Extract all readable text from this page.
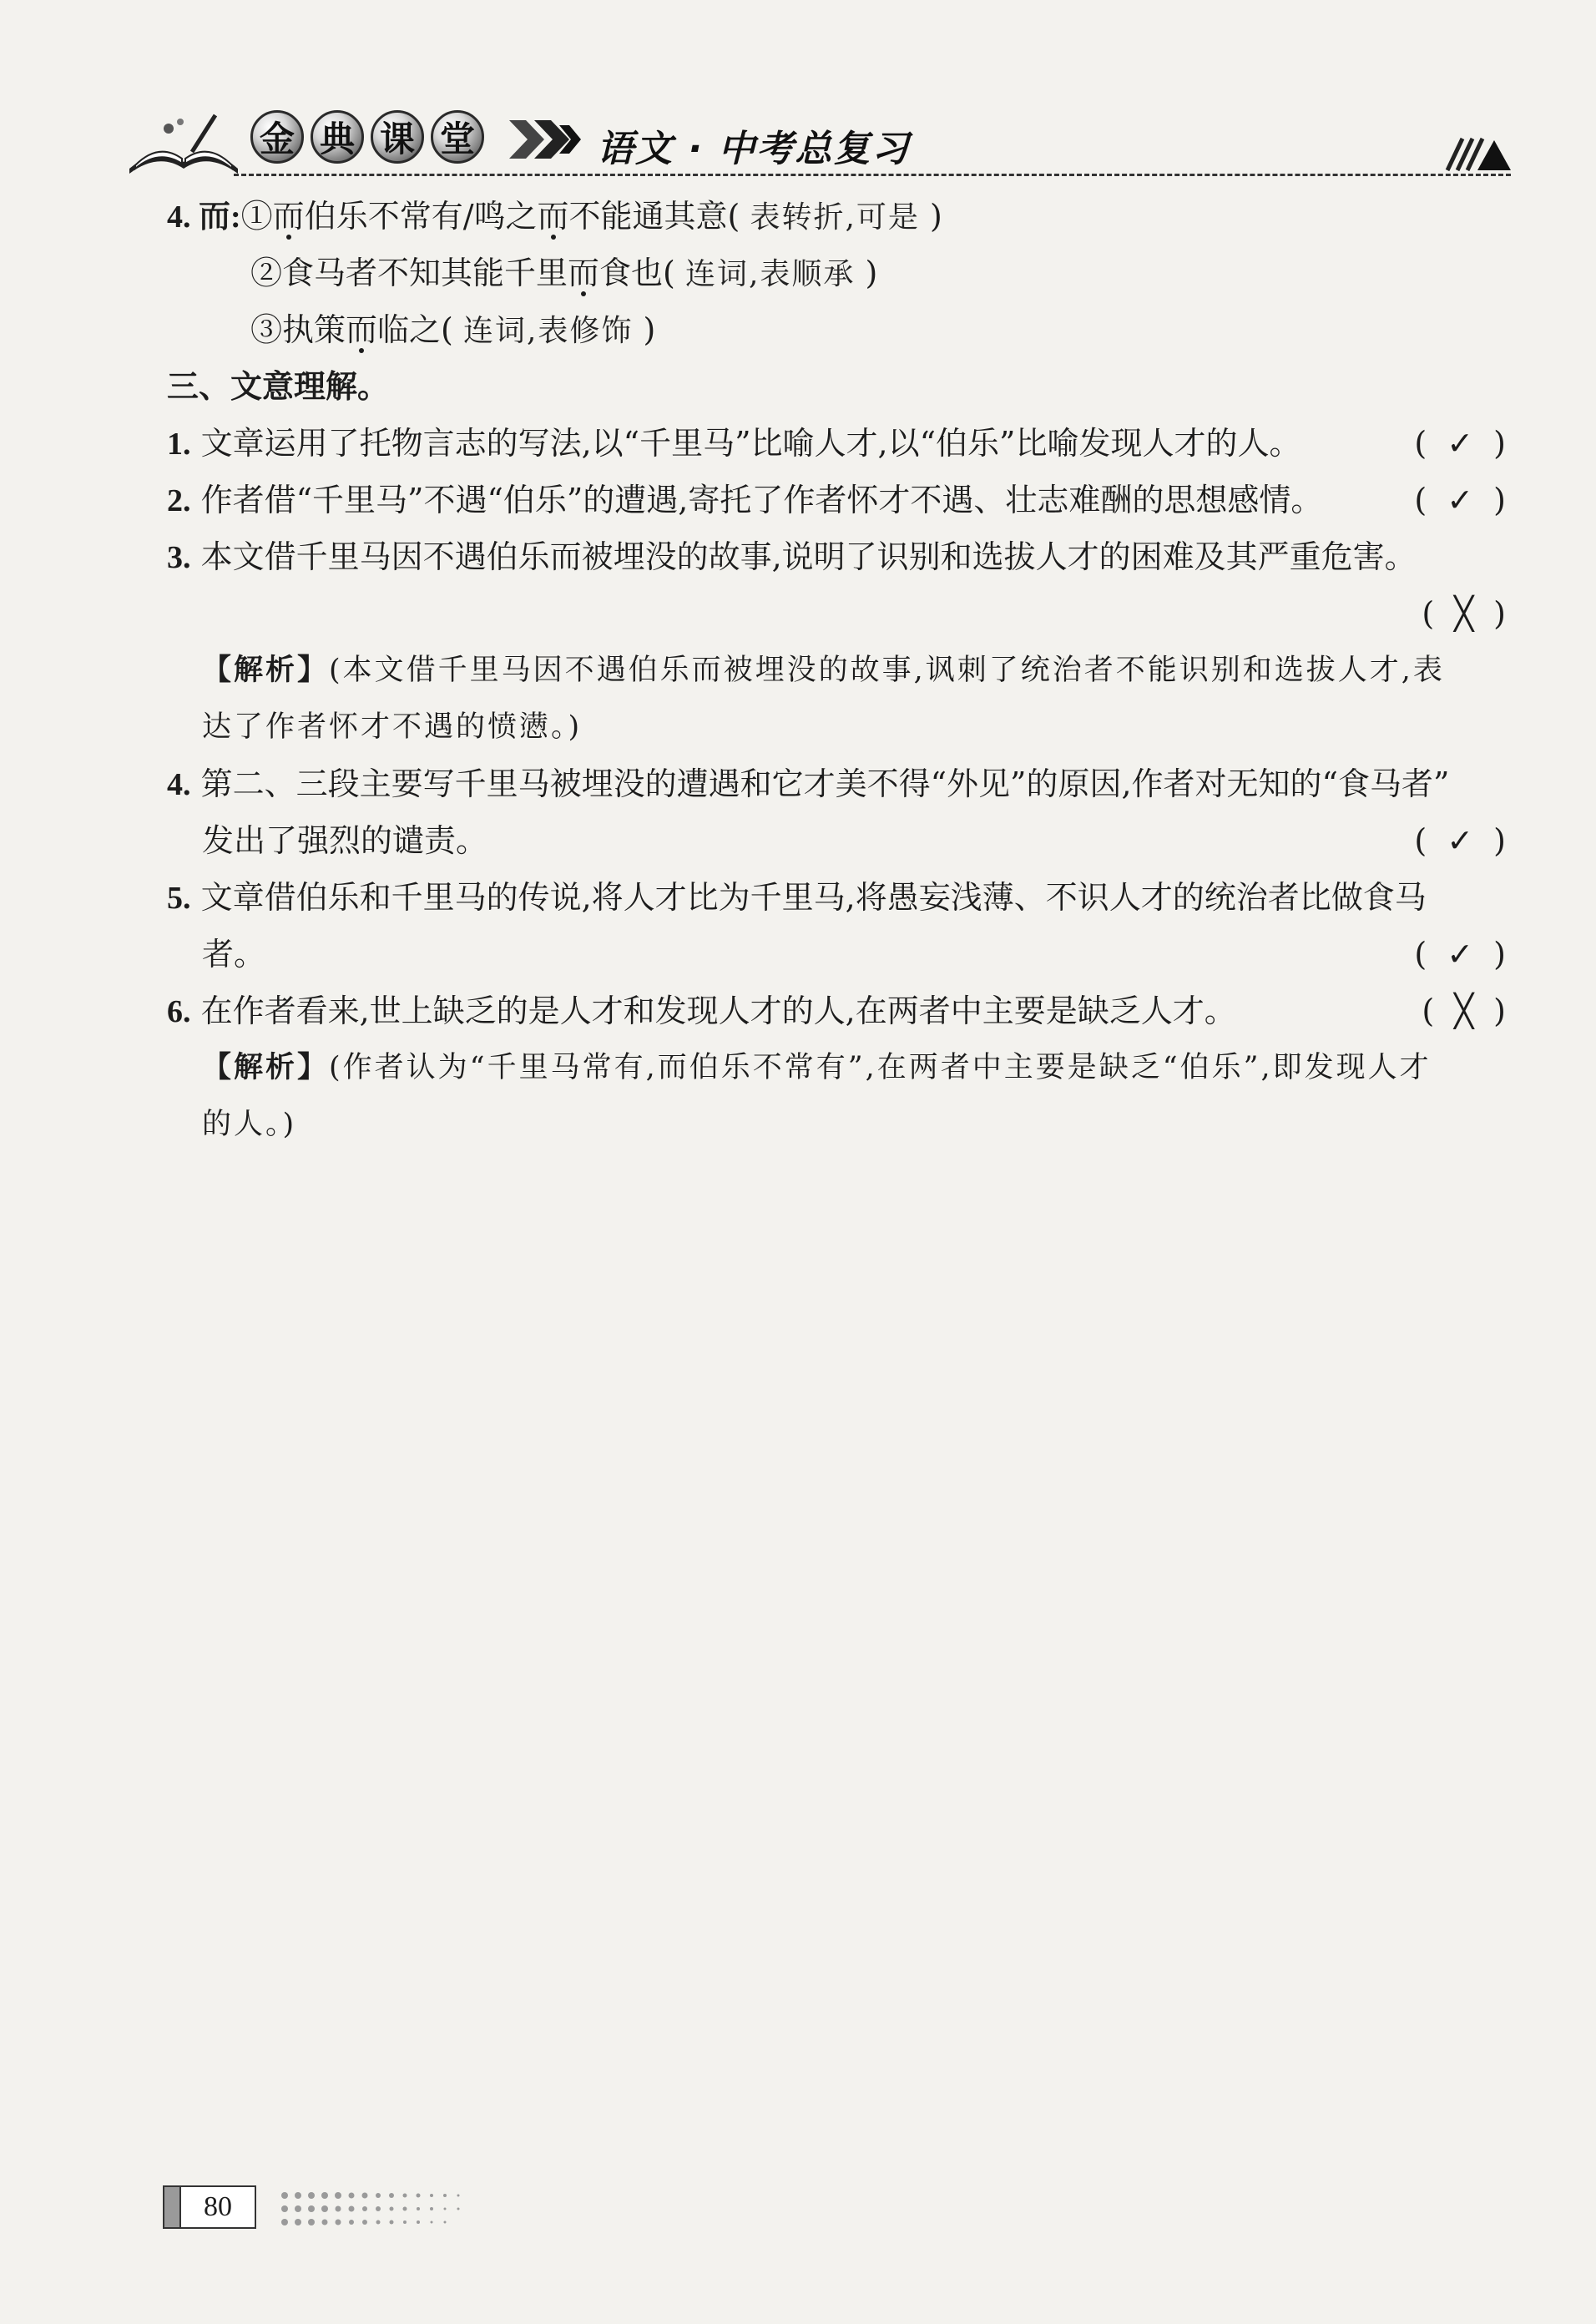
金 典 课 堂	语文 · 中考总复习
4. 而:①而伯乐不常有/鸣之而不能通其意( 表转折,可是 )
②食马者不知其能千里而食也( 连词,表顺承 )
③执策而临之( 连词,表修饰 )
三、文意理解。
1. 文章运用了托物言志的写法,以“千里马”比喻人才,以“伯乐”比喻发现人才的人。	( ✓ )
2. 作者借“千里马”不遇“伯乐”的遭遇,寄托了作者怀才不遇、壮志难酬的思想感情。	( ✓ )
3. 本文借千里马因不遇伯乐而被埋没的故事,说明了识别和选拔人才的困难及其严重危害。
( ╳ )
【解析】(本文借千里马因不遇伯乐而被埋没的故事,讽刺了统治者不能识别和选拔人才,表
达了作者怀才不遇的愤懑。)
4. 第二、三段主要写千里马被埋没的遭遇和它才美不得“外见”的原因,作者对无知的“食马者”
发出了强烈的谴责。	( ✓ )
5. 文章借伯乐和千里马的传说,将人才比为千里马,将愚妄浅薄、不识人才的统治者比做食马
者。	( ✓ )
6. 在作者看来,世上缺乏的是人才和发现人才的人,在两者中主要是缺乏人才。	( ╳ )
【解析】(作者认为“千里马常有,而伯乐不常有”,在两者中主要是缺乏“伯乐”,即发现人才
的人。)
80
